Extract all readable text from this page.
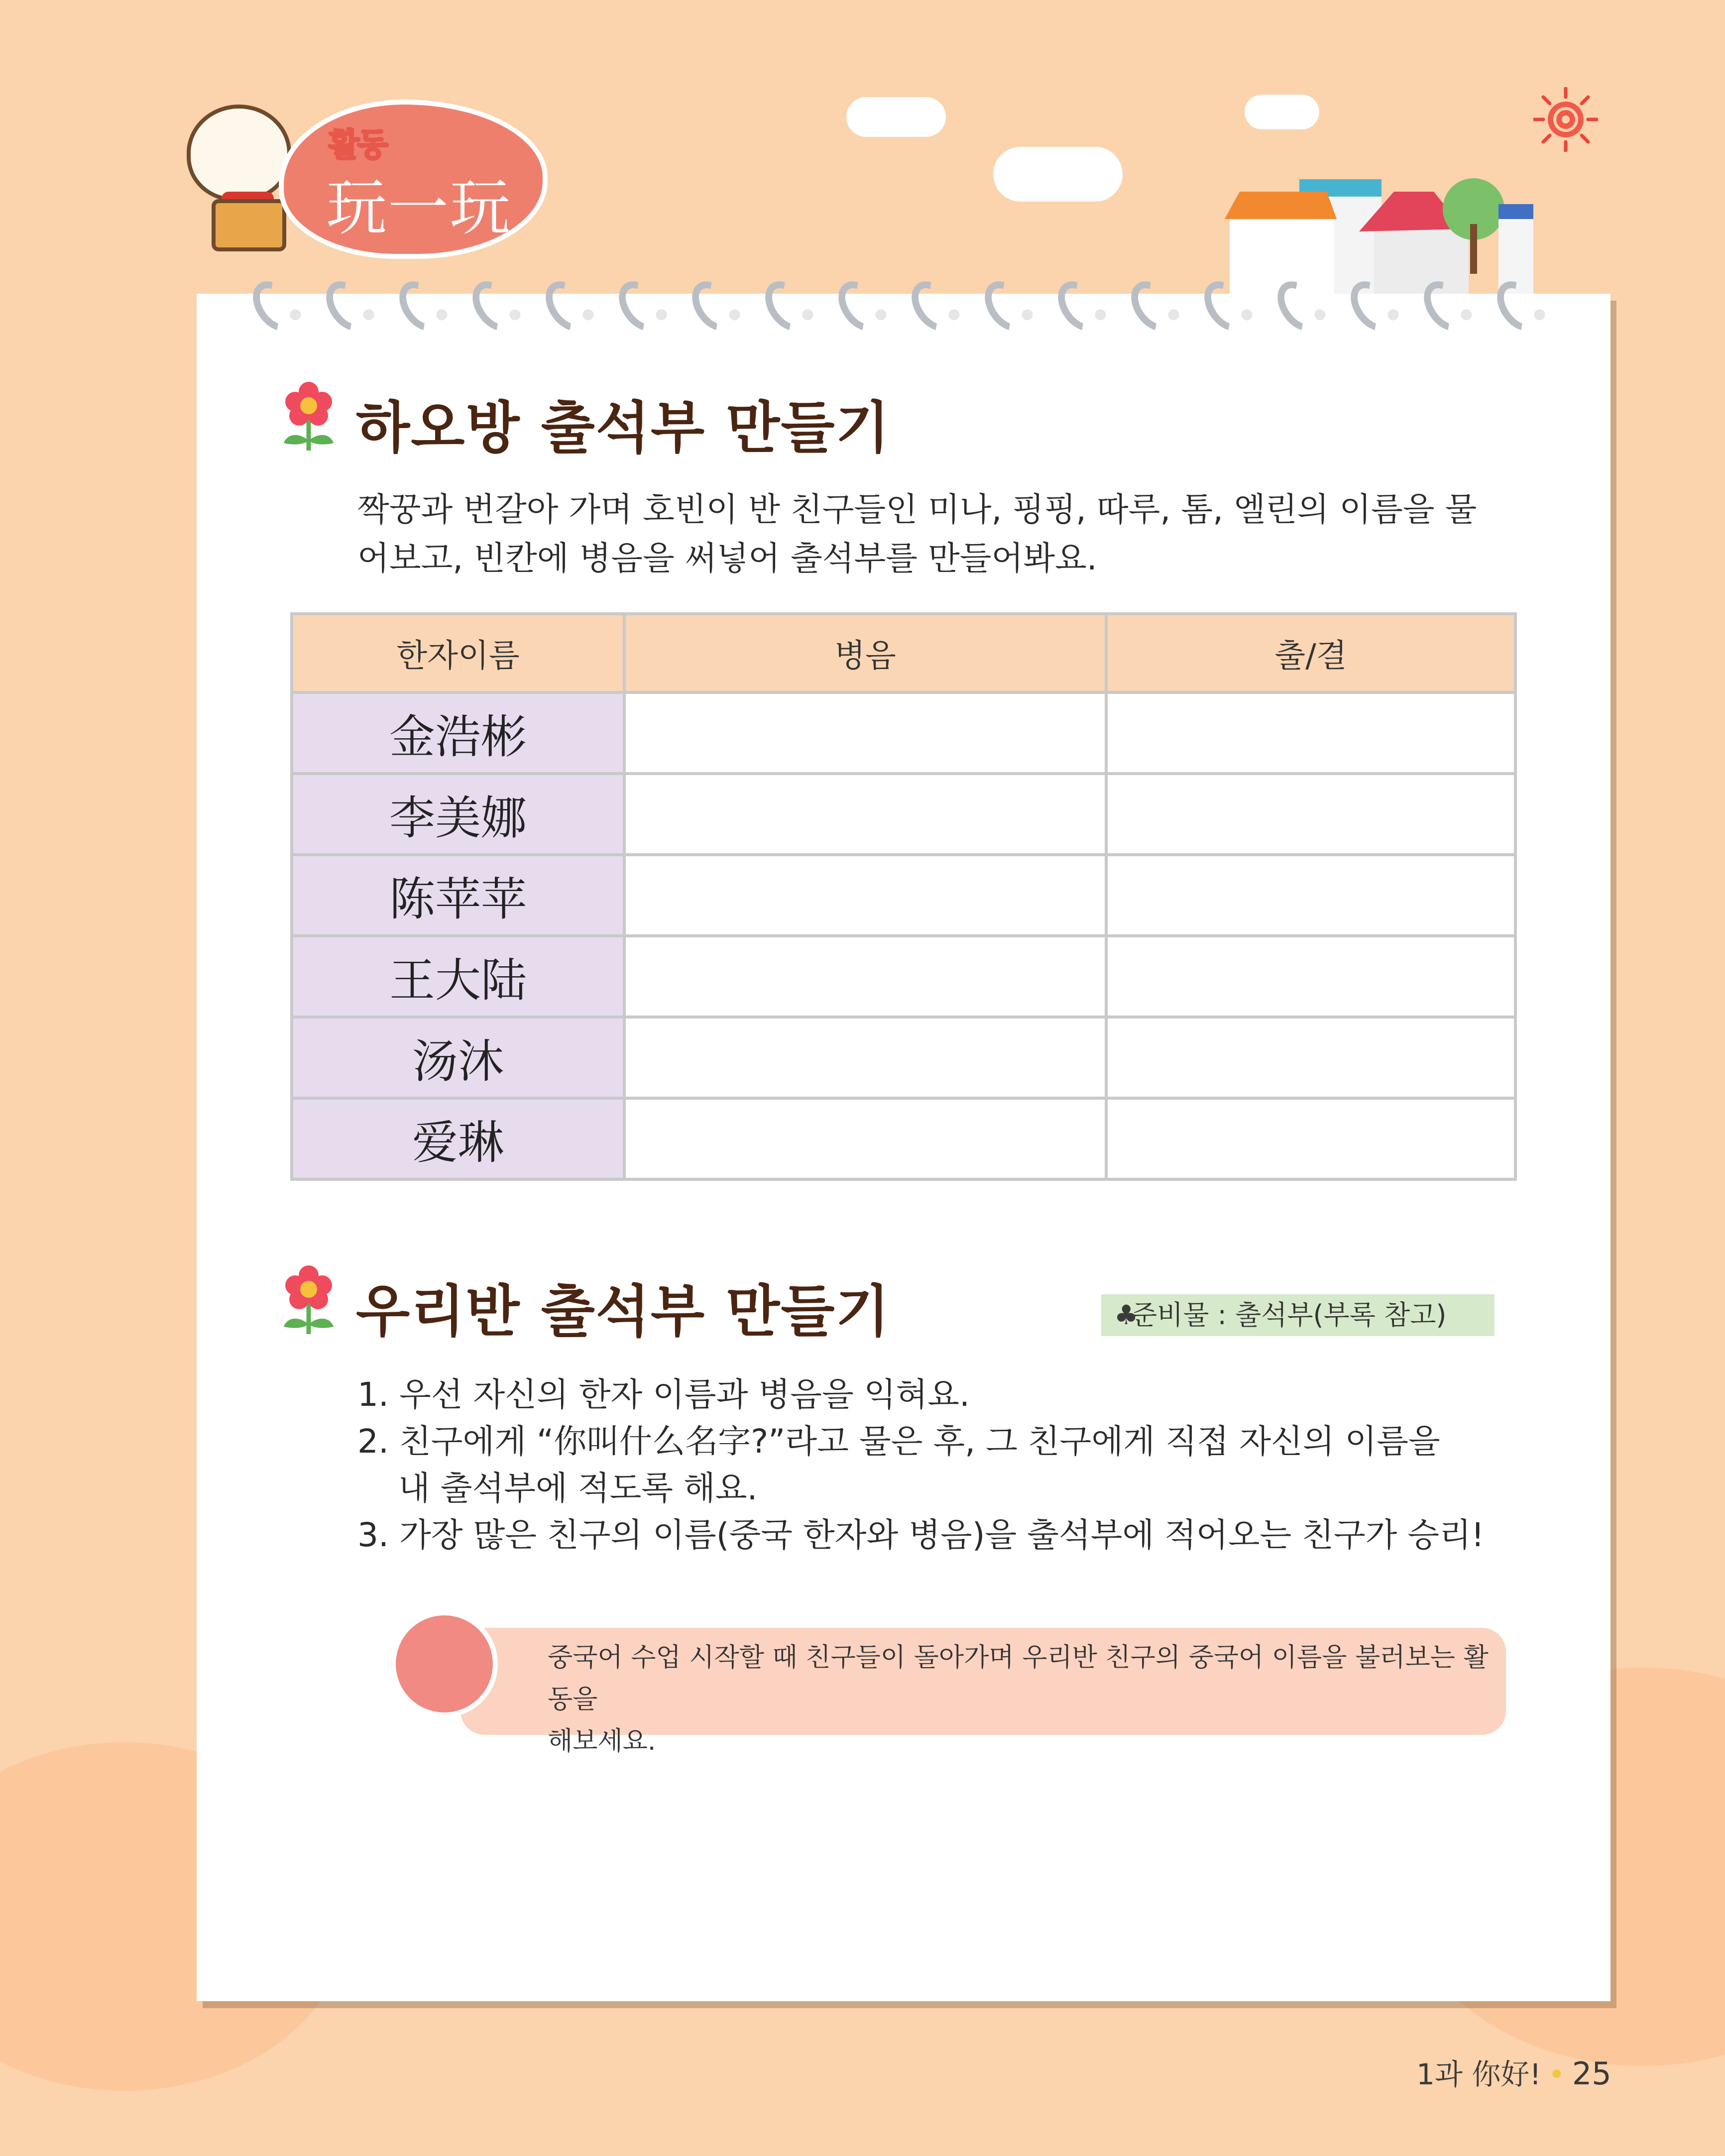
활동
玩一玩
하오방 출석부 만들기
짝꿍과 번갈아 가며 호빈이 반 친구들인 미나, 핑핑, 따루, 톰, 엘린의 이름을 물
어보고, 빈칸에 병음을 써넣어 출석부를 만들어봐요.
한자이름	병음	출/결
金浩彬		
李美娜		
陈苹苹		
王大陆		
汤沐		
爱琳		
우리반 출석부 만들기	♣
준비물 : 출석부(부록 참고)
1. 우선 자신의 한자 이름과 병음을 익혀요.
2. 친구에게 “你叫什么名字?”라고 물은 후, 그 친구에게 직접 자신의 이름을
내 출석부에 적도록 해요.
3. 가장 많은 친구의 이름(중국 한자와 병음)을 출석부에 적어오는 친구가 승리!
중국어 수업 시작할 때 친구들이 돌아가며 우리반 친구의 중국어 이름을 불러보는 활동을
해보세요.
1과 你好! • 25
